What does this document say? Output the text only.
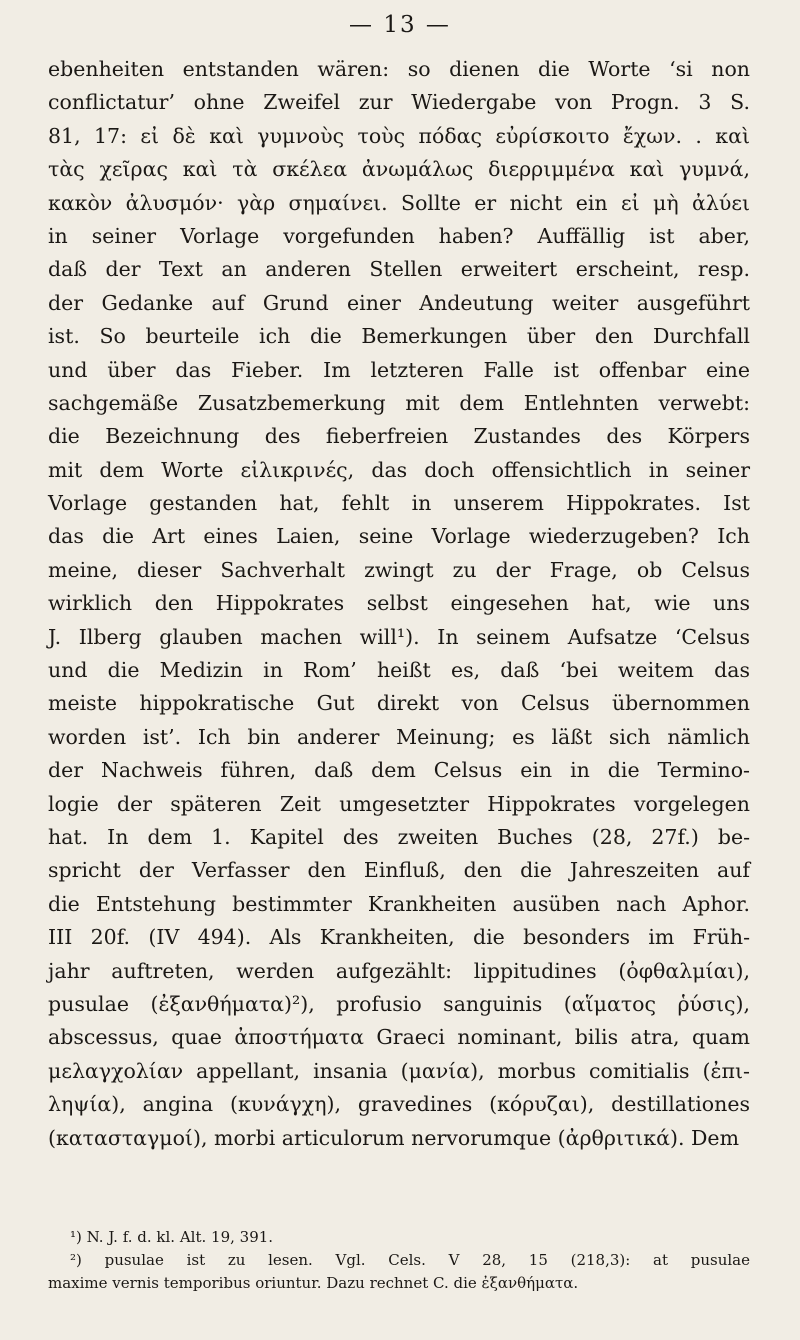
— 13 —
ebenheiten entstanden wären: so dienen die Worte ‘si non
conflictatur’ ohne Zweifel zur Wiedergabe von Progn. 3 S.
81, 17: εἰ δὲ καὶ γυμνοὺς τοὺς πόδας εὐρίσκοιτο ἔχων. . καὶ
τὰς χεῖρας καὶ τὰ σκέλεα ἀνωμάλως διερριμμένα καὶ γυμνά,
κακὸν ἀλυσμόν· γὰρ σημαίνει. Sollte er nicht ein εἰ μὴ ἀλύει
in seiner Vorlage vorgefunden haben? Auffällig ist aber,
daß der Text an anderen Stellen erweitert erscheint, resp.
der Gedanke auf Grund einer Andeutung weiter ausgeführt
ist. So beurteile ich die Bemerkungen über den Durchfall
und über das Fieber. Im letzteren Falle ist offenbar eine
sachgemäße Zusatzbemerkung mit dem Entlehnten verwebt:
die Bezeichnung des fieberfreien Zustandes des Körpers
mit dem Worte εἰλικρινές, das doch offensichtlich in seiner
Vorlage gestanden hat, fehlt in unserem Hippokrates. Ist
das die Art eines Laien, seine Vorlage wiederzugeben? Ich
meine, dieser Sachverhalt zwingt zu der Frage, ob Celsus
wirklich den Hippokrates selbst eingesehen hat, wie uns
J. Ilberg glauben machen will¹). In seinem Aufsatze ‘Celsus
und die Medizin in Rom’ heißt es, daß ‘bei weitem das
meiste hippokratische Gut direkt von Celsus übernommen
worden ist’. Ich bin anderer Meinung; es läßt sich nämlich
der Nachweis führen, daß dem Celsus ein in die Termino-
logie der späteren Zeit umgesetzter Hippokrates vorgelegen
hat. In dem 1. Kapitel des zweiten Buches (28, 27f.) be-
spricht der Verfasser den Einfluß, den die Jahreszeiten auf
die Entstehung bestimmter Krankheiten ausüben nach Aphor.
III 20f. (IV 494). Als Krankheiten, die besonders im Früh-
jahr auftreten, werden aufgezählt: lippitudines (ὀφθαλμίαι),
pusulae (ἐξανθήματα)²), profusio sanguinis (αἵματος ῥύσις),
abscessus, quae ἀποστήματα Graeci nominant, bilis atra, quam
μελαγχολίαν appellant, insania (μανία), morbus comitialis (ἐπι-
ληψία), angina (κυνάγχη), gravedines (κόρυζαι), destillationes
(κατασταγμοί), morbi articulorum nervorumque (ἀρθριτικά). Dem
¹) N. J. f. d. kl. Alt. 19, 391.
²) pusulae ist zu lesen. Vgl. Cels. V 28, 15 (218,3): at pusulae
maxime vernis temporibus oriuntur. Dazu rechnet C. die ἐξανθήματα.
